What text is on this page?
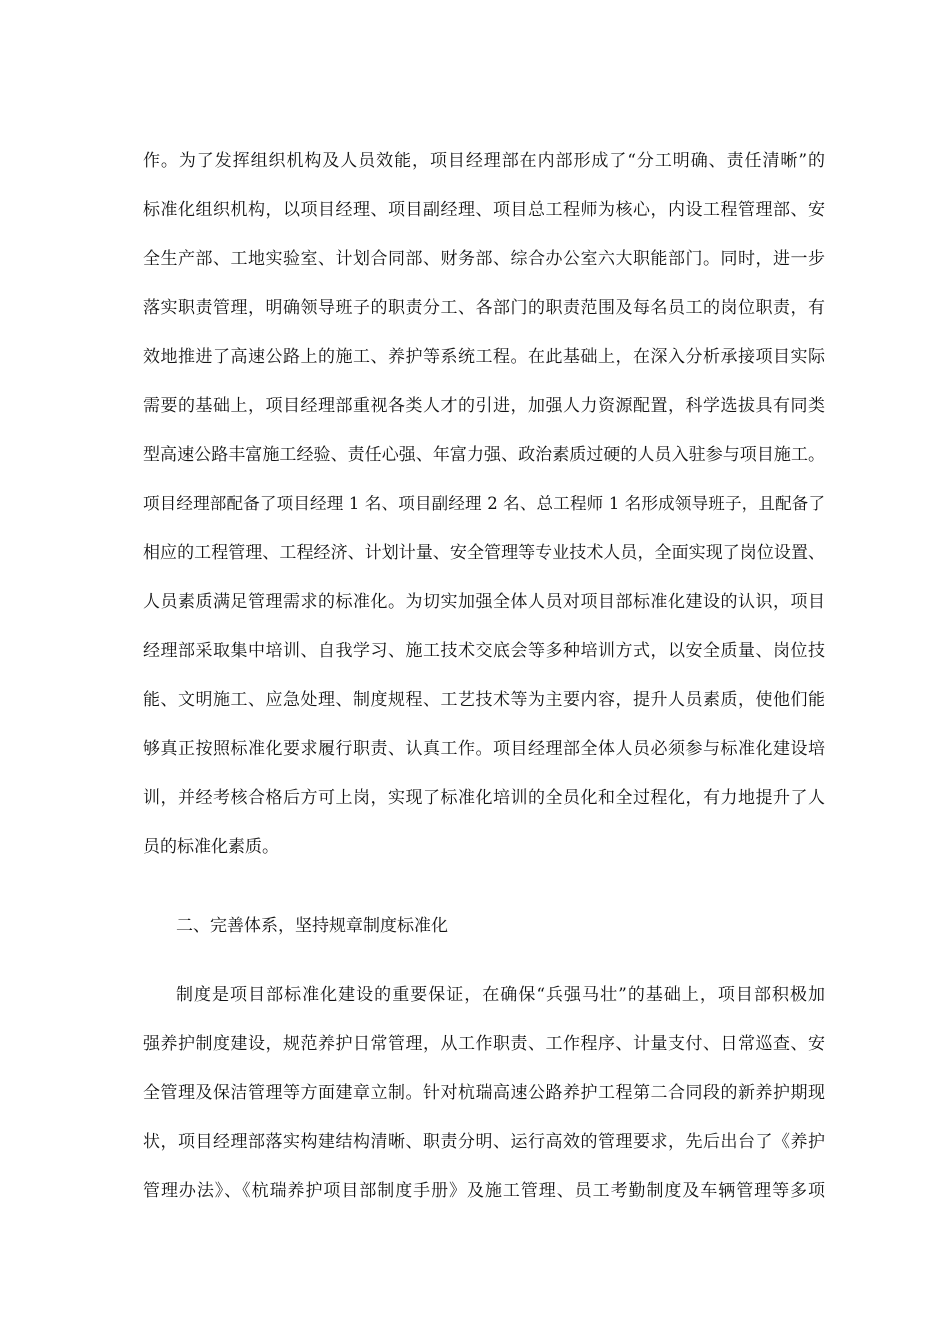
作。为了发挥组织机构及人员效能，项目经理部在内部形成了“分工明确、责任清晰”的
标准化组织机构，以项目经理、项目副经理、项目总工程师为核心，内设工程管理部、安
全生产部、工地实验室、计划合同部、财务部、综合办公室六大职能部门。同时，进一步
落实职责管理，明确领导班子的职责分工、各部门的职责范围及每名员工的岗位职责，有
效地推进了高速公路上的施工、养护等系统工程。在此基础上，在深入分析承接项目实际
需要的基础上，项目经理部重视各类人才的引进，加强人力资源配置，科学选拔具有同类
型高速公路丰富施工经验、责任心强、年富力强、政治素质过硬的人员入驻参与项目施工。
项目经理部配备了项目经理 1 名、项目副经理 2 名、总工程师 1 名形成领导班子，且配备了
相应的工程管理、工程经济、计划计量、安全管理等专业技术人员，全面实现了岗位设置、
人员素质满足管理需求的标准化。为切实加强全体人员对项目部标准化建设的认识，项目
经理部采取集中培训、自我学习、施工技术交底会等多种培训方式，以安全质量、岗位技
能、文明施工、应急处理、制度规程、工艺技术等为主要内容，提升人员素质，使他们能
够真正按照标准化要求履行职责、认真工作。项目经理部全体人员必须参与标准化建设培
训，并经考核合格后方可上岗，实现了标准化培训的全员化和全过程化，有力地提升了人
员的标准化素质。
二、完善体系，坚持规章制度标准化
制度是项目部标准化建设的重要保证，在确保“兵强马壮”的基础上，项目部积极加
强养护制度建设，规范养护日常管理，从工作职责、工作程序、计量支付、日常巡查、安
全管理及保洁管理等方面建章立制。针对杭瑞高速公路养护工程第二合同段的新养护期现
状，项目经理部落实构建结构清晰、职责分明、运行高效的管理要求，先后出台了《养护
管理办法》、《杭瑞养护项目部制度手册》及施工管理、员工考勤制度及车辆管理等多项
